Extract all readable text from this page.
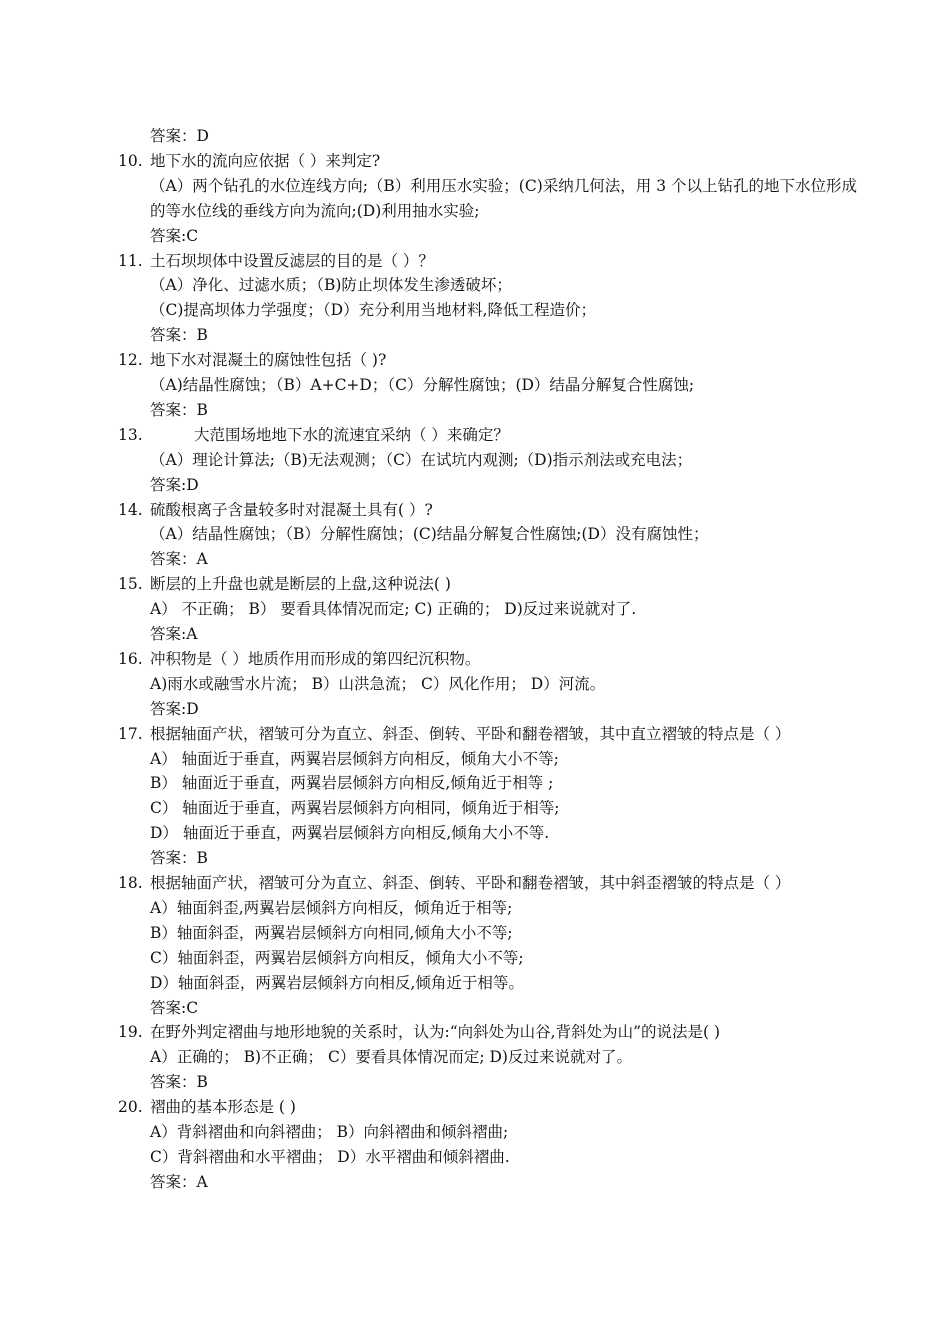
答案：D
10. 地下水的流向应依据（ ）来判定?
（A）两个钻孔的水位连线方向;（B）利用压水实验；(C)采纳几何法，用 3 个以上钻孔的地下水位形成的等水位线的垂线方向为流向;(D)利用抽水实验;
答案:C
11. 土石坝坝体中设置反滤层的目的是（ ）？
（A）净化、过滤水质；（B)防止坝体发生渗透破坏；
（C)提高坝体力学强度；（D）充分利用当地材料,降低工程造价；
答案：B
12. 地下水对混凝土的腐蚀性包括（ )?
（A)结晶性腐蚀；（B）A+C+D；（C）分解性腐蚀；(D）结晶分解复合性腐蚀;
答案：B
13.	大范围场地地下水的流速宜采纳（ ）来确定？
（A）理论计算法;（B)无法观测；（C）在试坑内观测;（D)指示剂法或充电法；
答案:D
14. 硫酸根离子含量较多时对混凝土具有( ）?
（A）结晶性腐蚀；（B）分解性腐蚀；(C)结晶分解复合性腐蚀;(D）没有腐蚀性；
答案：A
15. 断层的上升盘也就是断层的上盘,这种说法( )
A） 不正确； B） 要看具体情况而定; C) 正确的； D)反过来说就对了.
答案:A
16. 冲积物是（ ）地质作用而形成的第四纪沉积物。
A)雨水或融雪水片流； B）山洪急流； C）风化作用； D）河流。
答案:D
17. 根据轴面产状，褶皱可分为直立、斜歪、倒转、平卧和翻卷褶皱，其中直立褶皱的特点是（ ）
A） 轴面近于垂直，两翼岩层倾斜方向相反，倾角大小不等;
B） 轴面近于垂直，两翼岩层倾斜方向相反,倾角近于相等 ;
C） 轴面近于垂直，两翼岩层倾斜方向相同，倾角近于相等;
D） 轴面近于垂直，两翼岩层倾斜方向相反,倾角大小不等.
答案：B
18. 根据轴面产状，褶皱可分为直立、斜歪、倒转、平卧和翻卷褶皱，其中斜歪褶皱的特点是（ ）
A）轴面斜歪,两翼岩层倾斜方向相反，倾角近于相等;
B）轴面斜歪，两翼岩层倾斜方向相同,倾角大小不等;
C）轴面斜歪，两翼岩层倾斜方向相反，倾角大小不等;
D）轴面斜歪，两翼岩层倾斜方向相反,倾角近于相等。
答案:C
19. 在野外判定褶曲与地形地貌的关系时，认为:“向斜处为山谷,背斜处为山”的说法是( )
A）正确的； B)不正确； C）要看具体情况而定; D)反过来说就对了。
答案：B
20. 褶曲的基本形态是 ( )
A）背斜褶曲和向斜褶曲； B）向斜褶曲和倾斜褶曲;
C）背斜褶曲和水平褶曲； D）水平褶曲和倾斜褶曲.
答案：A
